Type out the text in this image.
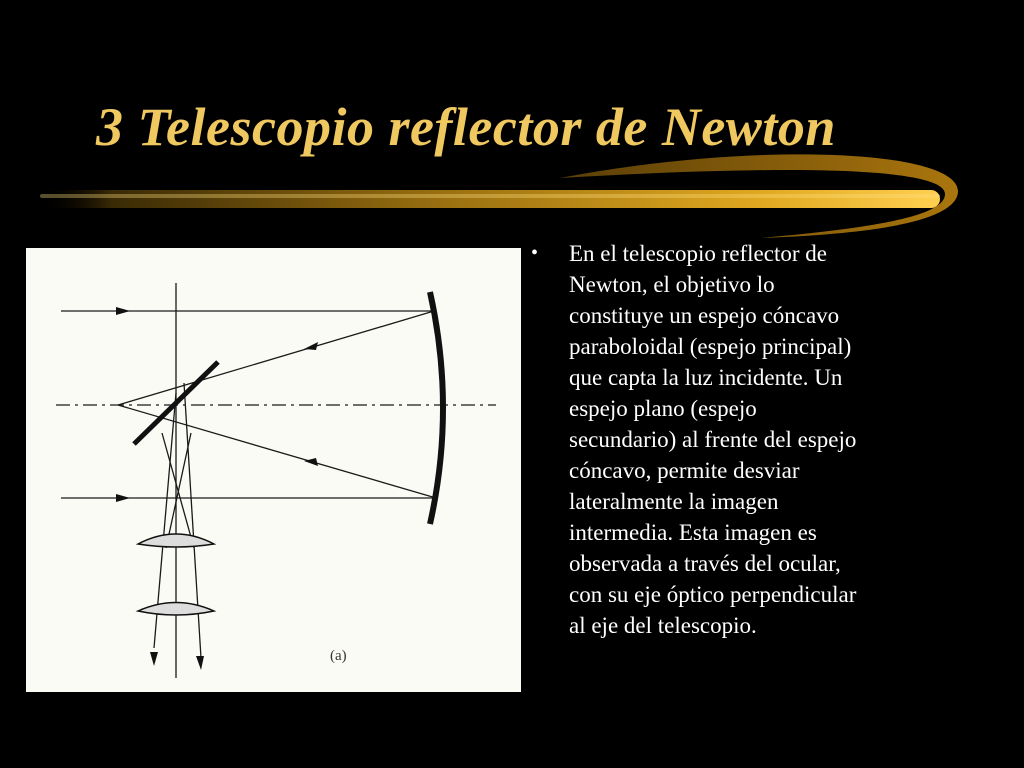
3 Telescopio reflector de Newton
(a)
•	En el telescopio reflector de
Newton, el objetivo lo
constituye un espejo cóncavo
paraboloidal (espejo principal)
que capta la luz incidente. Un
espejo plano (espejo
secundario) al frente del espejo
cóncavo, permite desviar
lateralmente la imagen
intermedia. Esta imagen es
observada a través del ocular,
con su eje óptico perpendicular
al eje del telescopio.
